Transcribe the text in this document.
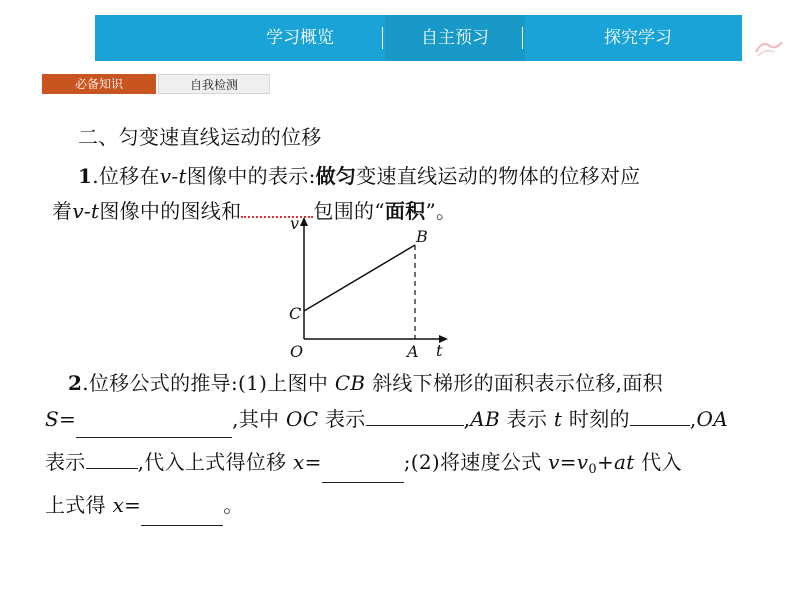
学习概览	自主预习	探究学习
必备知识	自我检测
二、匀变速直线运动的位移
1.位移在v-t图像中的表示:做匀变速直线运动的物体的位移对应
着v-t图像中的图线和	包围的“面积”。
v
t
O	A
B
C
2.位移公式的推导:(1)上图中 CB 斜线下梯形的面积表示位移,面积
S=	,其中 OC 表示	,AB 表示 t 时刻的	,OA
表示	,代入上式得位移 x=	;(2)将速度公式 $v=v_0+at$ 代入
上式得 x=	。
